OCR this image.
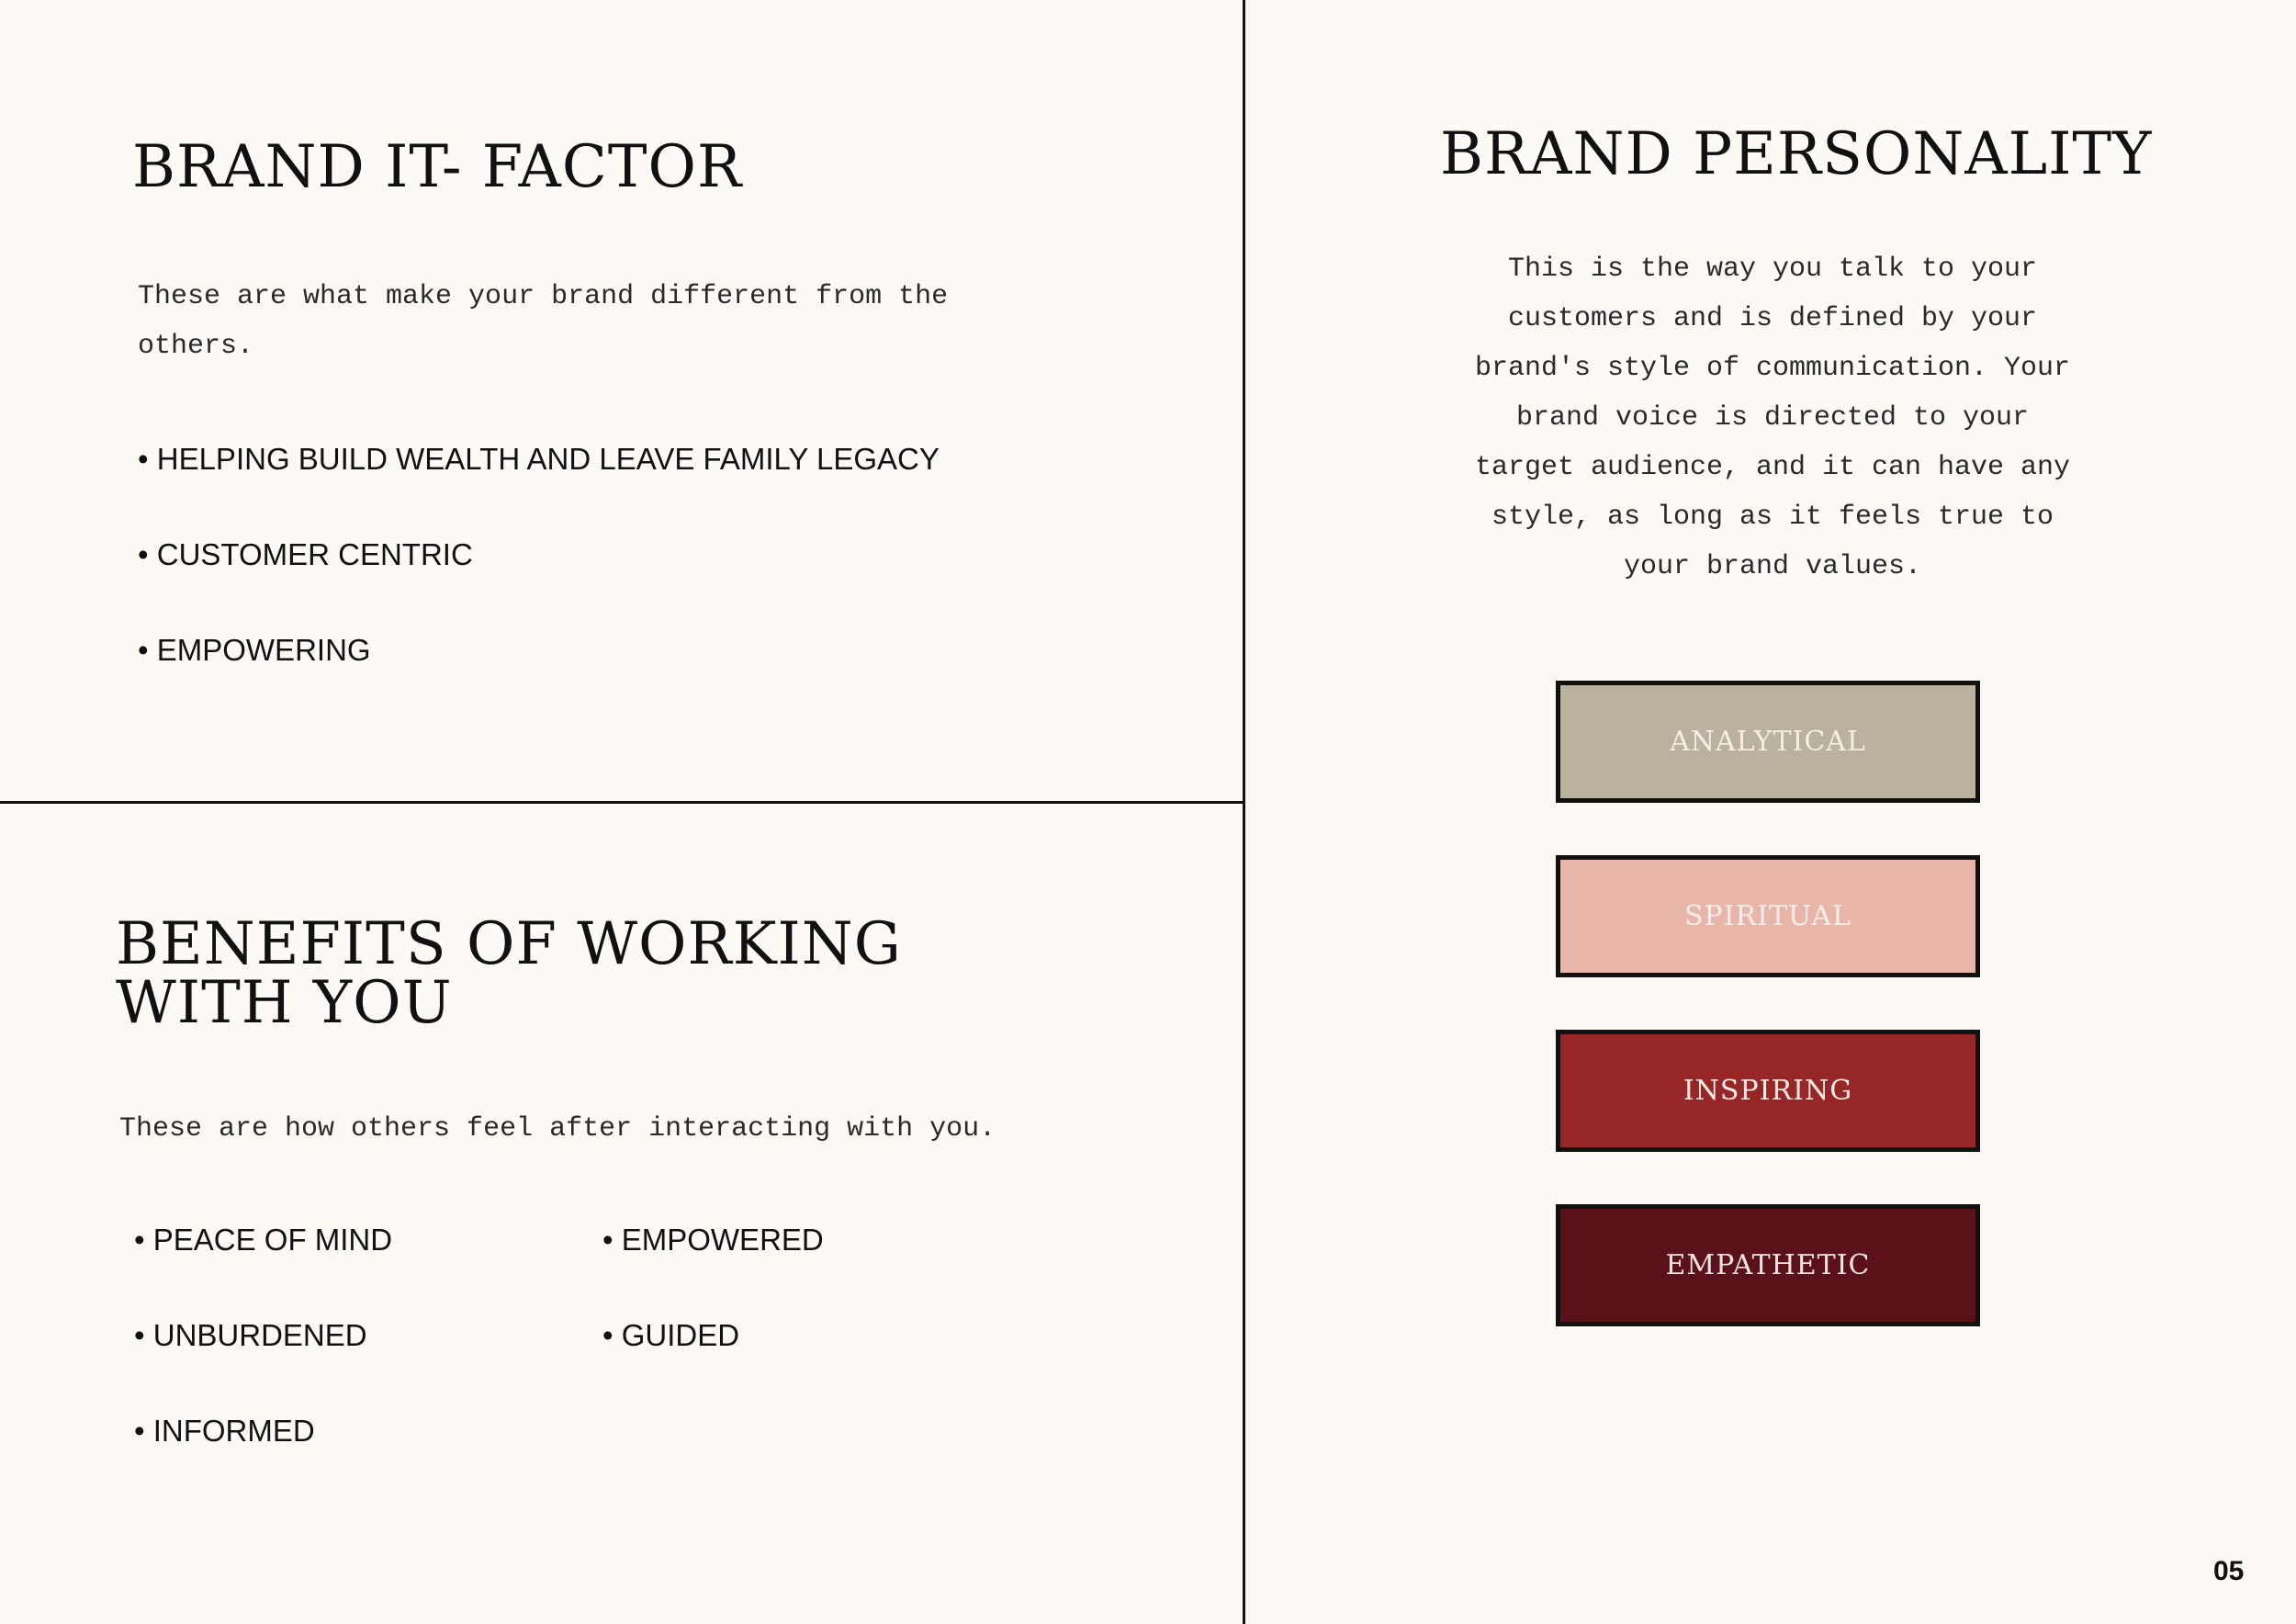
BRAND IT- FACTOR

These are what make your brand different from the

others.

• HELPING BUILD WEALTH AND LEAVE FAMILY LEGACY

• CUSTOMER CENTRIC

• EMPOWERING

BENEFITS OF WORKING
WITH YOU

These are how others feel after interacting with you.

• PEACE OF MIND

• UNBURDENED

• INFORMED

• EMPOWERED

• GUIDED

BRAND PERSONALITY
This is the way you talk to your
customers and is defined by your
brand's style of communication. Your
brand voice is directed to your
target audience, and it can have any
style, as long as it feels true to
your brand values.
ANALYTICAL
SPIRITUAL
INSPIRING
EMPATHETIC
05
